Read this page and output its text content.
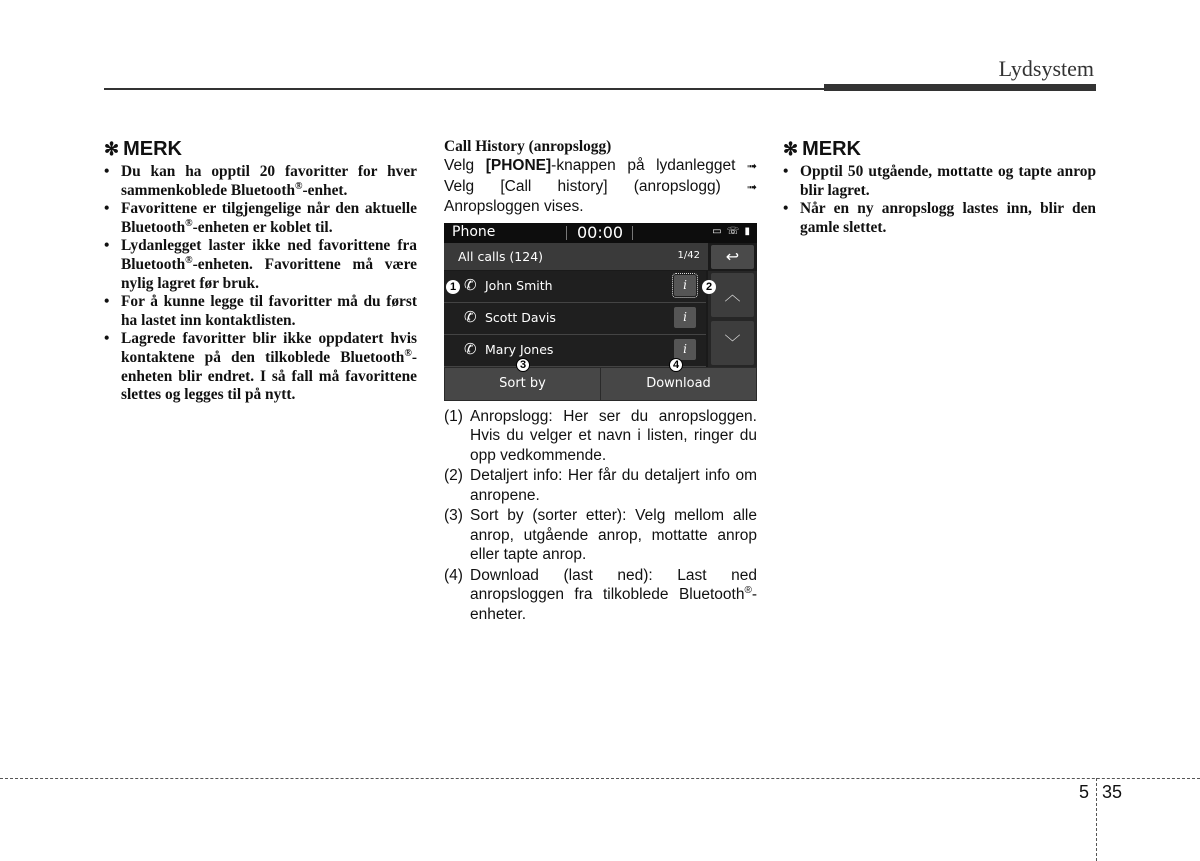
Lydsystem
✻ MERK
• Du kan ha opptil 20 favoritter for hver sammenkoblede Bluetooth®-enhet.
• Favorittene er tilgjengelige når den aktuelle Bluetooth®-enheten er koblet til.
• Lydanlegget laster ikke ned favorittene fra Bluetooth®-enheten. Favorittene må være nylig lagret før bruk.
• For å kunne legge til favoritter må du først ha lastet inn kontaktlisten.
• Lagrede favoritter blir ikke oppdatert hvis kontaktene på den tilkoblede Bluetooth®-enheten blir endret. I så fall må favorittene slettes og legges til på nytt.

Call History (anropslogg)

Velg [PHONE]-knappen på lydanlegget ➟ Velg [Call history] (anropslogg) ➟ Anropsloggen vises.

Phone	00:00	▭ ☏ ▮
All calls (124)	1/42	↩
✆ John Smith	i
✆ Scott Davis	i
✆ Mary Jones	i
︿
﹀
Sort by	Download
1	2
3	4
(1) Anropslogg: Her ser du anropsloggen. Hvis du velger et navn i listen, ringer du opp vedkommende.
(2) Detaljert info: Her får du detaljert info om anropene.
(3) Sort by (sorter etter): Velg mellom alle anrop, utgående anrop, mottatte anrop eller tapte anrop.
(4) Download (last ned): Last ned anropsloggen fra tilkoblede Bluetooth®-enheter.
✻ MERK
• Opptil 50 utgående, mottatte og tapte anrop blir lagret.
• Når en ny anropslogg lastes inn, blir den gamle slettet.
5 35
